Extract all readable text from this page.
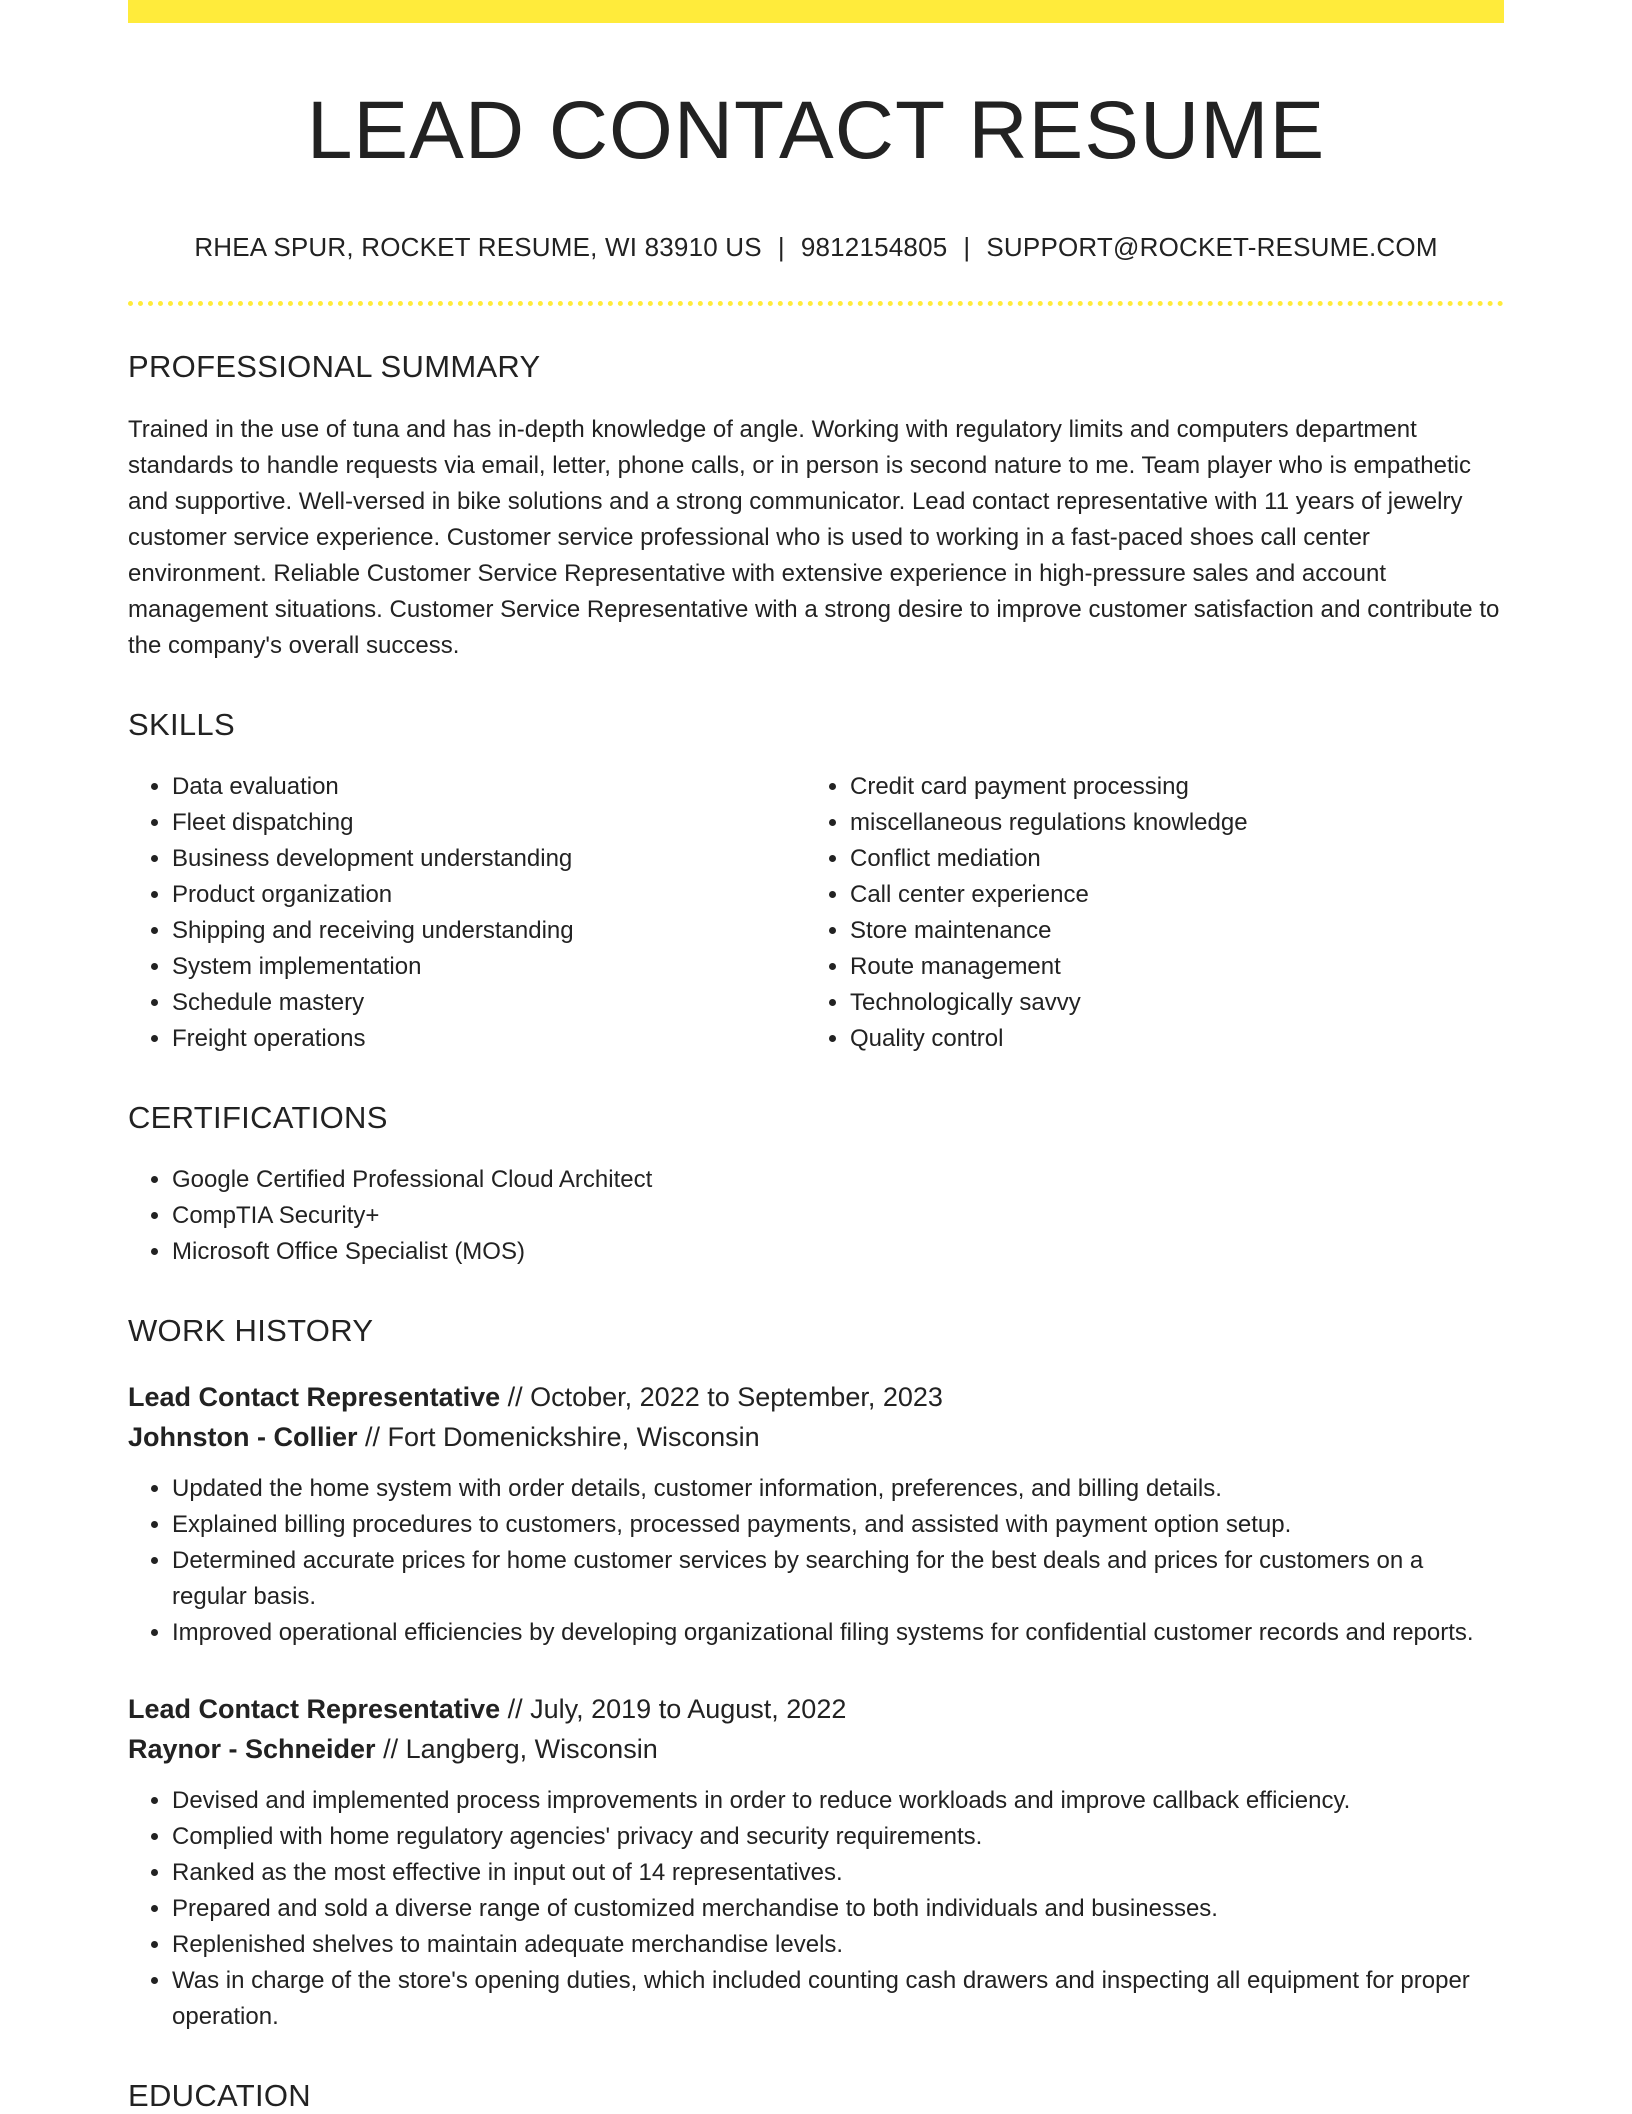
LEAD CONTACT RESUME
RHEA SPUR, ROCKET RESUME, WI 83910 US | 9812154805 | SUPPORT@ROCKET-RESUME.COM
PROFESSIONAL SUMMARY

Trained in the use of tuna and has in-depth knowledge of angle. Working with regulatory limits and computers department standards to handle requests via email, letter, phone calls, or in person is second nature to me. Team player who is empathetic and supportive. Well-versed in bike solutions and a strong communicator. Lead contact representative with 11 years of jewelry customer service experience. Customer service professional who is used to working in a fast-paced shoes call center environment. Reliable Customer Service Representative with extensive experience in high-pressure sales and account management situations. Customer Service Representative with a strong desire to improve customer satisfaction and contribute to the company's overall success.

SKILLS
• Data evaluation
• Fleet dispatching
• Business development understanding
• Product organization
• Shipping and receiving understanding
• System implementation
• Schedule mastery
• Freight operations
• Credit card payment processing
• miscellaneous regulations knowledge
• Conflict mediation
• Call center experience
• Store maintenance
• Route management
• Technologically savvy
• Quality control
CERTIFICATIONS
• Google Certified Professional Cloud Architect
• CompTIA Security+
• Microsoft Office Specialist (MOS)
WORK HISTORY
Lead Contact Representative // October, 2022 to September, 2023
Johnston - Collier // Fort Domenickshire, Wisconsin
• Updated the home system with order details, customer information, preferences, and billing details.
• Explained billing procedures to customers, processed payments, and assisted with payment option setup.
• Determined accurate prices for home customer services by searching for the best deals and prices for customers on a regular basis.
• Improved operational efficiencies by developing organizational filing systems for confidential customer records and reports.
Lead Contact Representative // July, 2019 to August, 2022
Raynor - Schneider // Langberg, Wisconsin
• Devised and implemented process improvements in order to reduce workloads and improve callback efficiency.
• Complied with home regulatory agencies' privacy and security requirements.
• Ranked as the most effective in input out of 14 representatives.
• Prepared and sold a diverse range of customized merchandise to both individuals and businesses.
• Replenished shelves to maintain adequate merchandise levels.
• Was in charge of the store's opening duties, which included counting cash drawers and inspecting all equipment for proper operation.
EDUCATION
